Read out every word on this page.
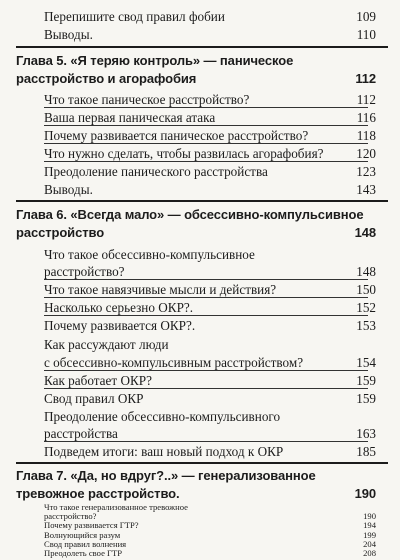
Перепишите свод правил фобии	109
Выводы.	110
Глава 5. «Я теряю контроль» — паническое
расстройство и агорафобия	112
Что такое паническое расстройство?	112
Ваша первая паническая атака	116
Почему развивается паническое расстройство?	118
Что нужно сделать, чтобы развилась агорафобия? 120
Преодоление панического расстройства	123
Выводы.	143
Глава 6. «Всегда мало» — обсессивно-компульсивное
расстройство	148
Что такое обсессивно-компульсивное
расстройство?	148
Что такое навязчивые мысли и действия?	150
Насколько серьезно ОКР?.	152
Почему развивается ОКР?.	153
Как рассуждают люди
с обсессивно-компульсивным расстройством?	154
Как работает ОКР?	159
Свод правил ОКР	159
Преодоление обсессивно-компульсивного
расстройства	163
Подведем итоги: ваш новый подход к ОКР	185
Глава 7. «Да, но вдруг?..» — генерализованное
тревожное расстройство.	190
Что такое генерализованное тревожное
расстройство?	190
Почему развивается ГТР?	194
Волнующийся разум	199
Свод правил волнения	204
Преодолеть свое ГТР	208
